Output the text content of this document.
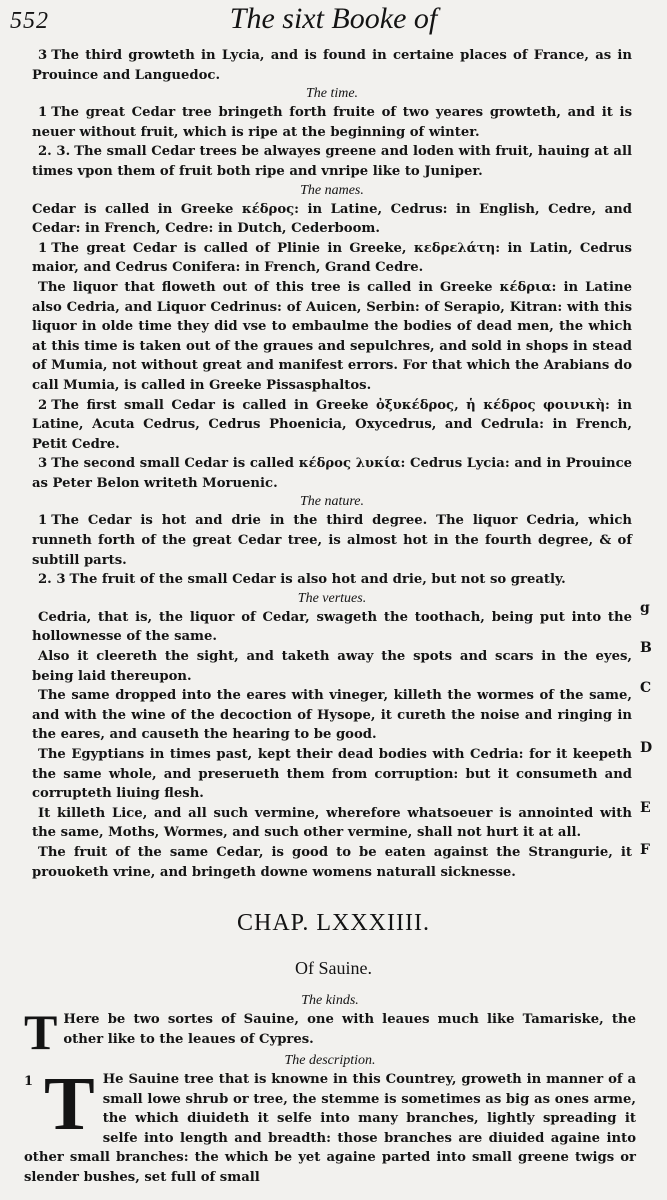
552	The sixt Booke of

3 The third growteth in Lycia, and is found in certaine places of France, as in Prouince and Languedoc.

The time.

1 The great Cedar tree bringeth forth fruite of two yeares growteth, and it is neuer without fruit, which is ripe at the beginning of winter.

2. 3. The small Cedar trees be alwayes greene and loden with fruit, hauing at all times vpon them of fruit both ripe and vnripe like to Juniper.

The names.

Cedar is called in Greeke κέδρος: in Latine, Cedrus: in English, Cedre, and Cedar: in French, Cedre: in Dutch, Cederboom.

1 The great Cedar is called of Plinie in Greeke, κεδρελάτη: in Latin, Cedrus maior, and Cedrus Conifera: in French, Grand Cedre.

The liquor that floweth out of this tree is called in Greeke κέδρια: in Latine also Cedria, and Liquor Cedrinus: of Auicen, Serbin: of Serapio, Kitran: with this liquor in olde time they did vse to embaulme the bodies of dead men, the which at this time is taken out of the graues and sepulchres, and sold in shops in stead of Mumia, not without great and manifest errors. For that which the Arabians do call Mumia, is called in Greeke Pissasphaltos.

2 The first small Cedar is called in Greeke ὀξυκέδρος, ἡ κέδρος φοινικὴ: in Latine, Acuta Cedrus, Cedrus Phoenicia, Oxycedrus, and Cedrula: in French, Petit Cedre.

3 The second small Cedar is called κέδρος λυκία: Cedrus Lycia: and in Prouince as Peter Belon writeth Moruenic.

The nature.

1 The Cedar is hot and drie in the third degree. The liquor Cedria, which runneth forth of the great Cedar tree, is almost hot in the fourth degree, & of subtill parts.

2. 3 The fruit of the small Cedar is also hot and drie, but not so greatly.

The vertues.

Cedria, that is, the liquor of Cedar, swageth the toothach, being put into the hollownesse of the same.

Also it cleereth the sight, and taketh away the spots and scars in the eyes, being laid thereupon.

The same dropped into the eares with vineger, killeth the wormes of the same, and with the wine of the decoction of Hysope, it cureth the noise and ringing in the eares, and causeth the hearing to be good.

The Egyptians in times past, kept their dead bodies with Cedria: for it keepeth the same whole, and preserueth them from corruption: but it consumeth and corrupteth liuing flesh.

It killeth Lice, and all such vermine, wherefore whatsoeuer is annointed with the same, Moths, Wormes, and such other vermine, shall not hurt it at all.

The fruit of the same Cedar, is good to be eaten against the Strangurie, it prouoketh vrine, and bringeth downe womens naturall sicknesse.

g
B
C
D
E
F
CHAP. LXXXIIII.
Of Sauine.

The kinds.

T Here be two sortes of Sauine, one with leaues much like Tamariske, the other like to the leaues of Cypres.

The description.

1 T He Sauine tree that is knowne in this Countrey, groweth in manner of a small lowe shrub or tree, the stemme is sometimes as big as ones arme, the which diuideth it selfe into many branches, lightly spreading it selfe into length and breadth: those branches are diuided againe into other small branches: the which be yet againe parted into small greene twigs or slender bushes, set full of small
